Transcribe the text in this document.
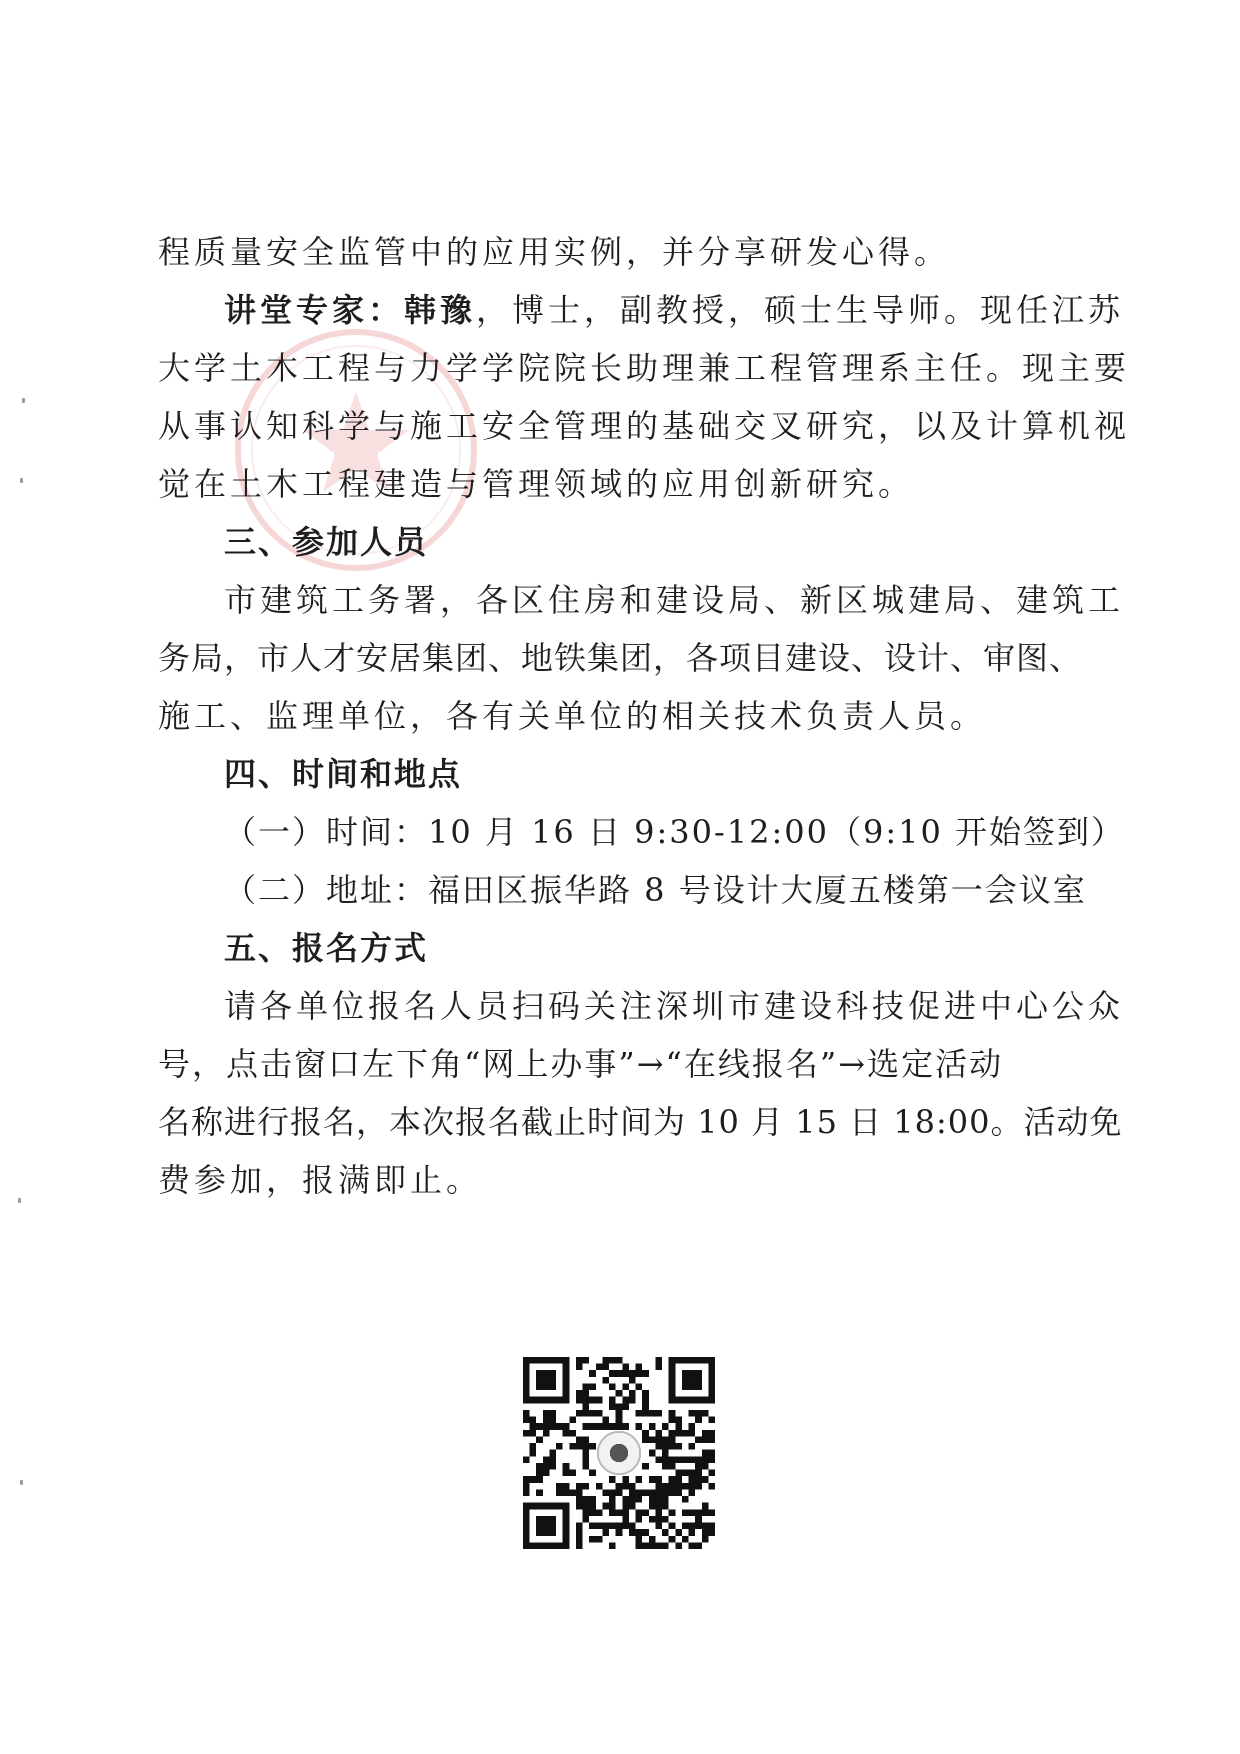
程质量安全监管中的应用实例，并分享研发心得。
讲堂专家：韩豫，博士，副教授，硕士生导师。现任江苏
大学土木工程与力学学院院长助理兼工程管理系主任。现主要
从事认知科学与施工安全管理的基础交叉研究，以及计算机视
觉在土木工程建造与管理领域的应用创新研究。
三、参加人员
市建筑工务署，各区住房和建设局、新区城建局、建筑工
务局，市人才安居集团、地铁集团，各项目建设、设计、审图、
施工、监理单位，各有关单位的相关技术负责人员。
四、时间和地点
（一）时间：10 月 16 日 9:30-12:00（9:10 开始签到）
（二）地址：福田区振华路 8 号设计大厦五楼第一会议室
五、报名方式
请各单位报名人员扫码关注深圳市建设科技促进中心公众
号，点击窗口左下角“网上办事”→“在线报名”→选定活动
名称进行报名，本次报名截止时间为 10 月 15 日 18:00。活动免
费参加，报满即止。
